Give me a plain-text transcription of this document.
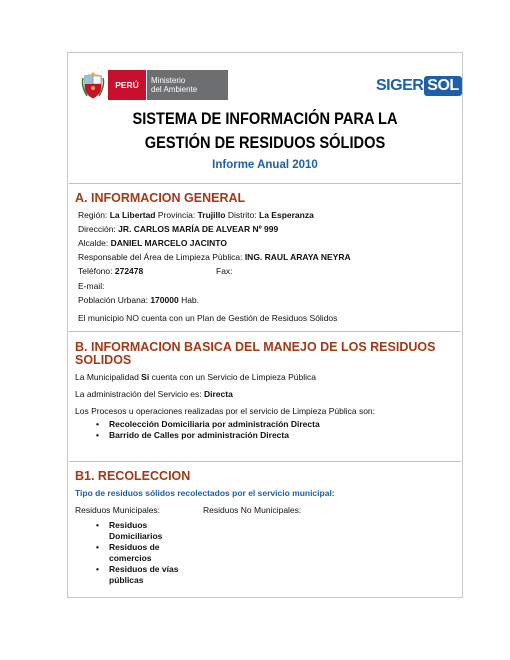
PERÚ	Ministerio
del Ambiente	SIGER SOL
SISTEMA DE INFORMACIÓN PARA LA
GESTIÓN DE RESIDUOS SÓLIDOS
Informe Anual 2010
A. INFORMACION GENERAL
Región: La Libertad Provincia: Trujillo Distrito: La Esperanza
Dirección: JR. CARLOS MARÍA DE ALVEAR Nº 999
Alcalde: DANIEL MARCELO JACINTO
Responsable del Área de Limpieza Pública: ING. RAUL ARAYA NEYRA
Teléfono: 272478	Fax:
E-mail:
Población Urbana: 170000 Hab.
El municipio NO cuenta con un Plan de Gestión de Residuos Sólidos
B. INFORMACION BASICA DEL MANEJO DE LOS RESIDUOS
SOLIDOS
La Municipalidad Si cuenta con un Servicio de Limpieza Pública
La administración del Servicio es: Directa
Los Procesos u operaciones realizadas por el servicio de Limpieza Pública son:
• Recolección Domiciliaria por administración Directa
• Barrido de Calles por administración Directa
B1. RECOLECCION
Tipo de residuos sólidos recolectados por el servicio municipal:
Residuos Municipales:	Residuos No Municipales:
• Residuos
Domiciliarios
• Residuos de
comercios
• Residuos de vías
públicas
